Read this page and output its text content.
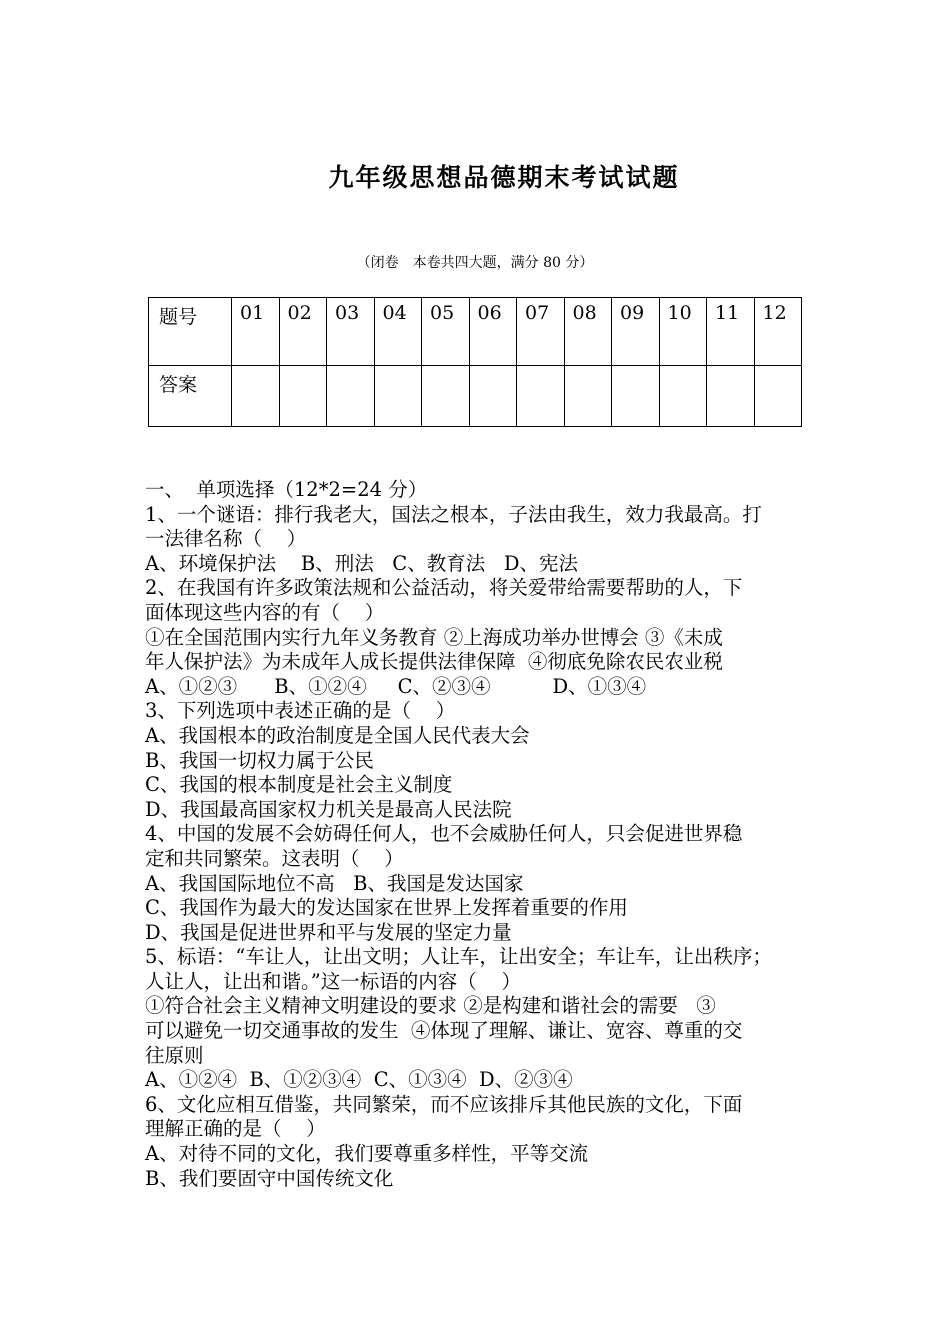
九年级思想品德期末考试试题
（闭卷　本卷共四大题，满分 80 分）
题号	01	02	03	04	05	06	07	08	09	10	11	12
答案												

一、  单项选择（12*2=24 分）

1、一个谜语：排行我老大，国法之根本，子法由我生，效力我最高。打

一法律名称（    ）

A、环境保护法    B、刑法   C、教育法   D、宪法

2、在我国有许多政策法规和公益活动，将关爱带给需要帮助的人，下

面体现这些内容的有（    ）

①在全国范围内实行九年义务教育 ②上海成功举办世博会 ③《未成

年人保护法》为未成年人成长提供法律保障  ④彻底免除农民农业税

A、①②③      B、①②④     C、②③④          D、①③④

3、下列选项中表述正确的是（    ）

A、我国根本的政治制度是全国人民代表大会

B、我国一切权力属于公民

C、我国的根本制度是社会主义制度

D、我国最高国家权力机关是最高人民法院

4、中国的发展不会妨碍任何人，也不会威胁任何人，只会促进世界稳

定和共同繁荣。这表明（    ）

A、我国国际地位不高   B、我国是发达国家

C、我国作为最大的发达国家在世界上发挥着重要的作用

D、我国是促进世界和平与发展的坚定力量

5、标语：“车让人，让出文明；人让车，让出安全；车让车，让出秩序；

人让人，让出和谐。”这一标语的内容（    ）

①符合社会主义精神文明建设的要求 ②是构建和谐社会的需要   ③

可以避免一切交通事故的发生  ④体现了理解、谦让、宽容、尊重的交

往原则

A、①②④  B、①②③④  C、①③④  D、②③④

6、文化应相互借鉴，共同繁荣，而不应该排斥其他民族的文化，下面

理解正确的是（    ）

A、对待不同的文化，我们要尊重多样性，平等交流

B、我们要固守中国传统文化
